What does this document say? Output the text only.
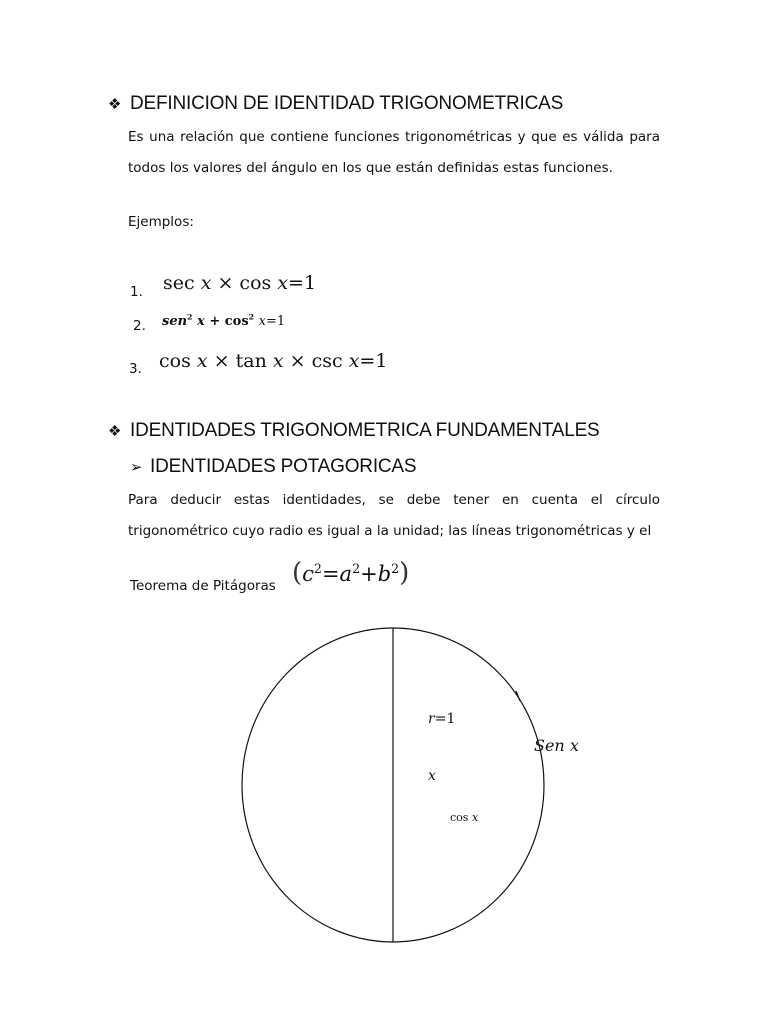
❖ DEFINICION DE IDENTIDAD TRIGONOMETRICAS
Es una relación que contiene funciones trigonométricas y que es válida para todos los valores del ángulo en los que están definidas estas funciones.
Ejemplos:
1. sec x × cos x=1
2. sen$^2$ $x + \cos^2 x=1$
3. cos x × tan x × csc x=1
❖ IDENTIDADES TRIGONOMETRICA FUNDAMENTALES
➢ IDENTIDADES POTAGORICAS
Para deducir estas identidades, se debe tener en cuenta el círculo trigonométrico cuyo radio es igual a la unidad; las líneas trigonométricas y el
Teorema de Pitágoras $(c^2=a^2+b^2)$
r=1
Sen x
x
cos x
